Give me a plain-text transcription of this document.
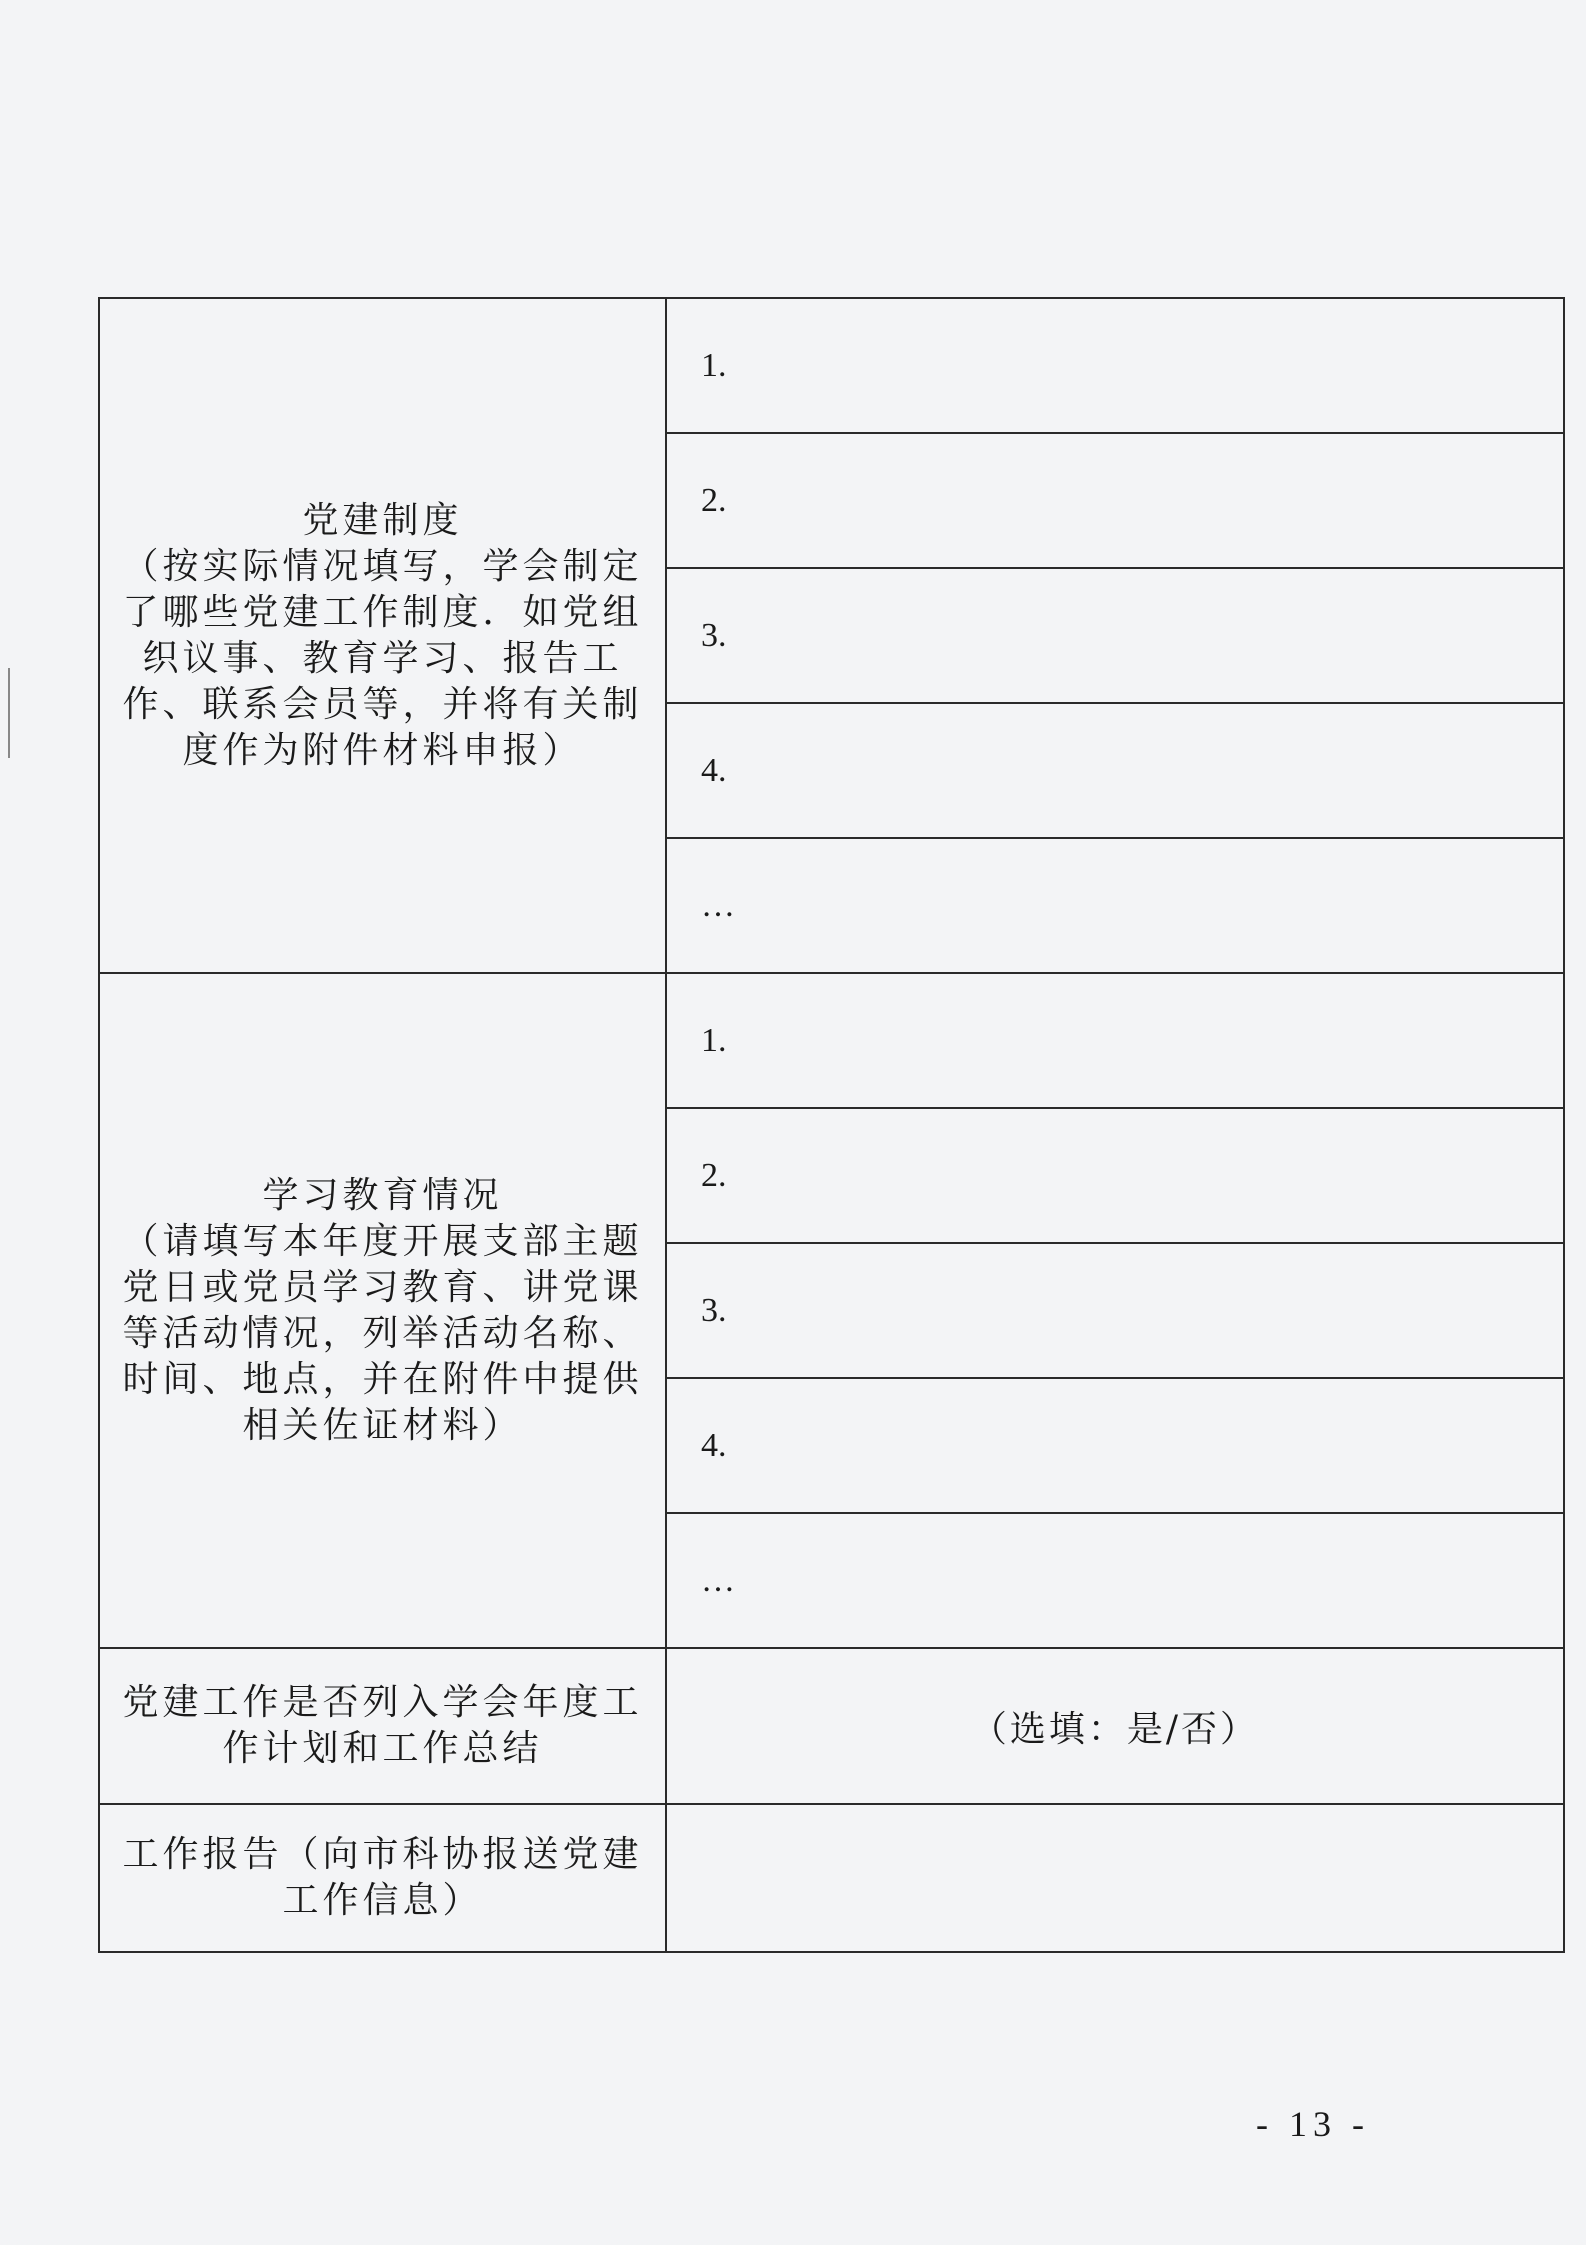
党建制度
（按实际情况填写，学会制定了哪些党建工作制度．如党组织议事、教育学习、报告工作、联系会员等，并将有关制度作为附件材料申报）	1.
	2.
	3.
	4.
	…

学习教育情况
（请填写本年度开展支部主题党日或党员学习教育、讲党课等活动情况，列举活动名称、时间、地点，并在附件中提供相关佐证材料）	1.
	2.
	3.
	4.
	…
党建工作是否列入学会年度工作计划和工作总结	（选填：是/否）
工作报告（向市科协报送党建工作信息）	
- 13 -
